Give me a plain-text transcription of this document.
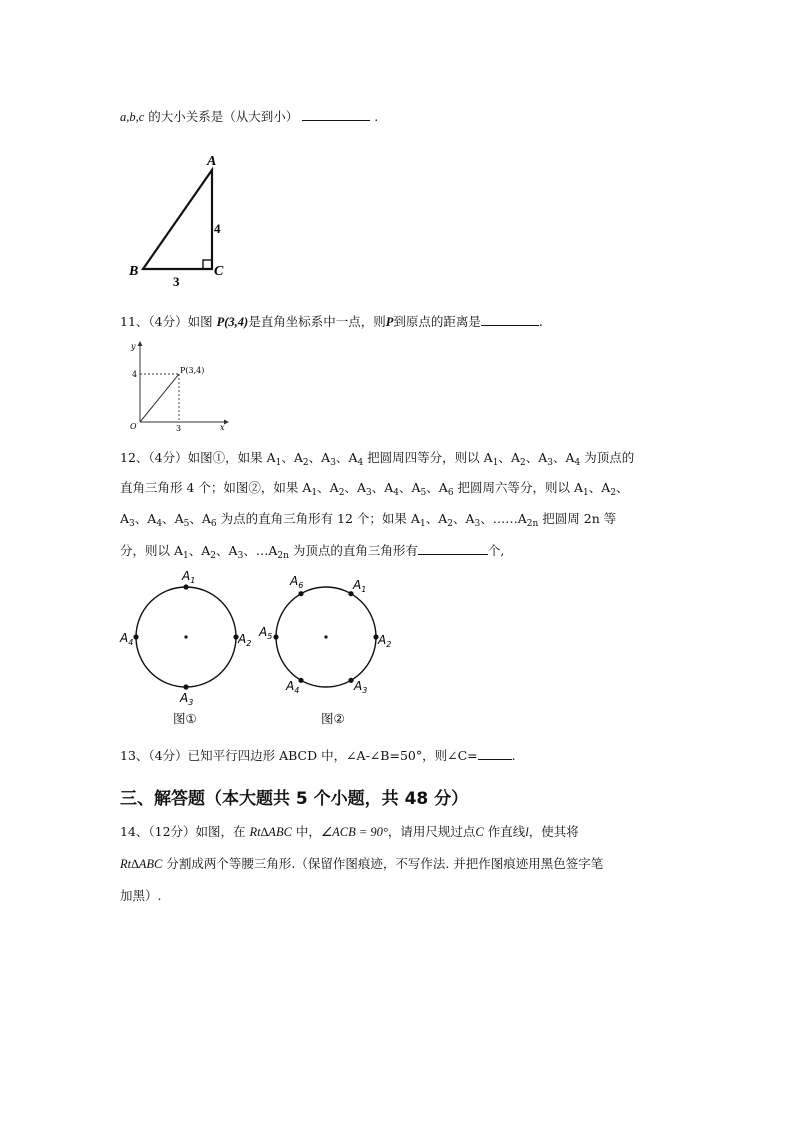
a,b,c 的大小关系是（从大到小）	.
A
B	C
4
3
11、（4分）如图 P(3,4)是直角坐标系中一点，则P到原点的距离是	.
y
x
O
4
3
P(3,4)
12、（4分）如图①，如果 $A_1$、$A_2$、$A_3$、$A_4$ 把圆周四等分，则以 $A_1$、$A_2$、$A_3$、$A_4$ 为顶点的
直角三角形 4 个；如图②，如果 $A_1$、$A_2$、$A_3$、$A_4$、$A_5$、$A_6$ 把圆周六等分，则以 $A_1$、$A_2$、
$A_3$、$A_4$、$A_5$、$A_6$ 为点的直角三角形有 12 个；如果 $A_1$、$A_2$、$A_3$、$\dots\dots A_{2n}$ 把圆周 2n 等
分，则以 $A_1$、$A_2$、$A_3$、$\dots A_{2n}$ 为顶点的直角三角形有	个,
$A_1$
$A_2$
$A_3$
$A_4$
$A_1$
$A_2$
$A_3$
$A_4$
$A_5$
$A_6$
图①	图②
13、（4分）已知平行四边形 ABCD 中，∠A-∠B=50°，则∠C=	.
三、解答题（本大题共 5 个小题，共 48 分）
14、（12分）如图，在 Rt∆ABC 中，∠ACB = 90°，请用尺规过点C 作直线l，使其将
Rt∆ABC 分割成两个等腰三角形.（保留作图痕迹，不写作法. 并把作图痕迹用黑色签字笔
加黑）.
